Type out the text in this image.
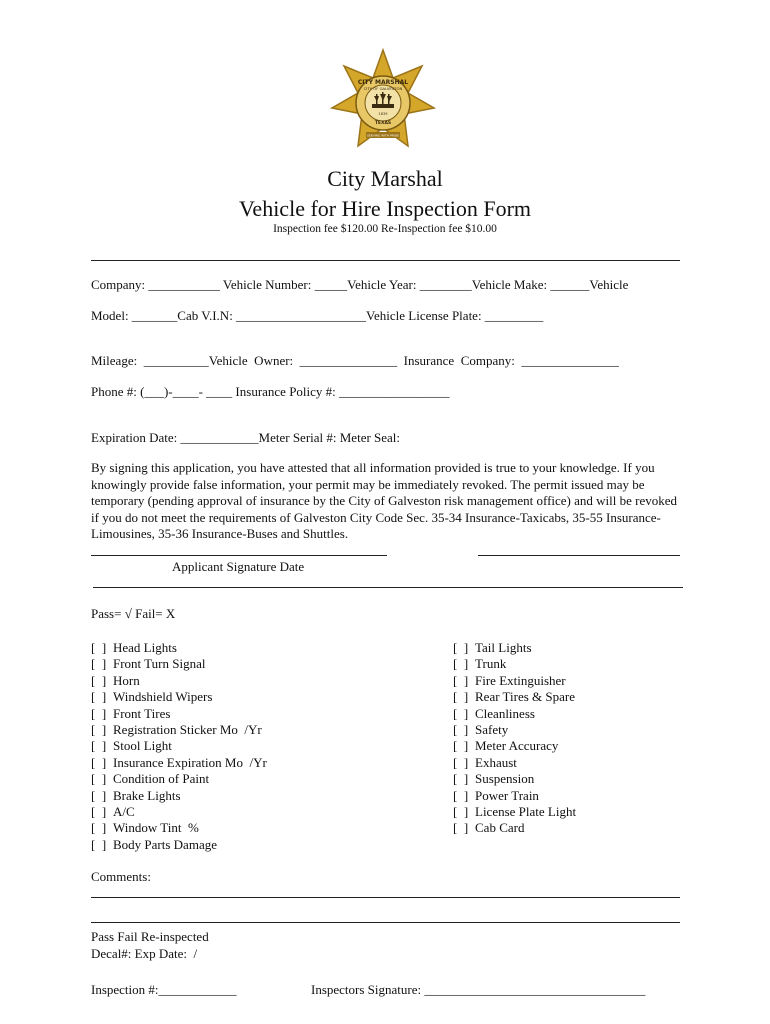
CITY MARSHAL
CITY OF GALVESTON
1839
TEXAS
SERVING WITH PRIDE
City Marshal
Vehicle for Hire Inspection Form
Inspection fee $120.00 Re-Inspection fee $10.00
Company: ___________ Vehicle Number: _____Vehicle Year: ________Vehicle Make: ______Vehicle
Model: _______Cab V.I.N: ____________________Vehicle License Plate: _________
Mileage:  __________Vehicle  Owner:  _______________  Insurance  Company:  _______________
Phone #: (___)-____- ____ Insurance Policy #: _________________
Expiration Date: ____________Meter Serial #: Meter Seal:
By signing this application, you have attested that all information provided is true to your knowledge. If you knowingly provide false information, your permit may be immediately revoked. The permit issued may be temporary (pending approval of insurance by the City of Galveston risk management office) and will be revoked if you do not meet the requirements of Galveston City Code Sec. 35-34 Insurance-Taxicabs, 35-55 Insurance- Limousines, 35-36 Insurance-Buses and Shuttles.
Applicant Signature Date
Pass= √ Fail= X
[  ] Head Lights
[  ] Front Turn Signal
[  ] Horn
[  ] Windshield Wipers
[  ] Front Tires
[  ] Registration Sticker Mo  /Yr
[  ] Stool Light
[  ] Insurance Expiration Mo  /Yr
[  ] Condition of Paint
[  ] Brake Lights
[  ] A/C
[  ] Window Tint  %
[  ] Body Parts Damage
[  ] Tail Lights
[  ] Trunk
[  ] Fire Extinguisher
[  ] Rear Tires & Spare
[  ] Cleanliness
[  ] Safety
[  ] Meter Accuracy
[  ] Exhaust
[  ] Suspension
[  ] Power Train
[  ] License Plate Light
[  ] Cab Card
Comments:
Pass Fail Re-inspected
Decal#: Exp Date:  /
Inspection #:____________	Inspectors Signature: __________________________________
